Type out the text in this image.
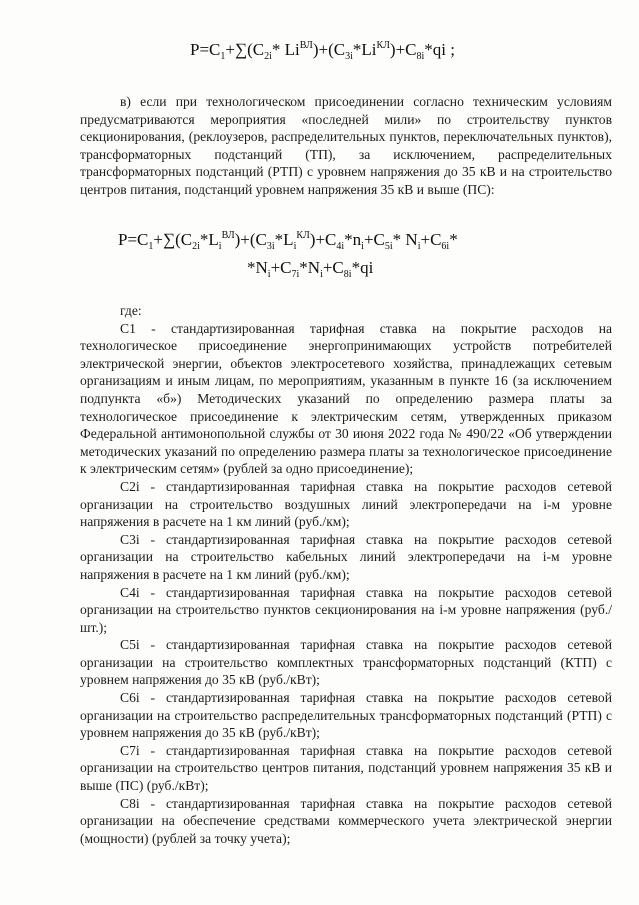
$P=C_1+\sum(C_{2i}*$ $Li^{ВЛ})+(C_{3i}*Li^{КЛ})+C_{8i}*qi$ ;

в) если при технологическом присоединении согласно техническим условиям предусматриваются мероприятия «последней мили» по строительству пунктов секционирования, (реклоузеров, распределительных пунктов, переключательных пунктов), трансформаторных подстанций (ТП), за исключением, распределительных трансформаторных подстанций (РТП) с уровнем напряжения до 35 кВ и на строительство центров питания, подстанций уровнем напряжения 35 кВ и выше (ПС):

$P=C_1+\sum(C_{2i}*L_i^{ВЛ})+(C_{3i}*L_i^{КЛ})+C_{4i}*n_i+C_{5i}*$ $N_i+C_{6i}*$
$*N_i+C_{7i}*N_i+C_{8i}*qi$

где:

С1 - стандартизированная тарифная ставка на покрытие расходов на технологическое присоединение энергопринимающих устройств потребителей электрической энергии, объектов электросетевого хозяйства, принадлежащих сетевым организациям и иным лицам, по мероприятиям, указанным в пункте 16 (за исключением подпункта «б») Методических указаний по определению размера платы за технологическое присоединение к электрическим сетям, утвержденных приказом Федеральной антимонопольной службы от 30 июня 2022 года № 490/22 «Об утверждении методических указаний по определению размера платы за технологическое присоединение к электрическим сетям» (рублей за одно присоединение);

C2i - стандартизированная тарифная ставка на покрытие расходов сетевой организации на строительство воздушных линий электропередачи на i-м уровне напряжения в расчете на 1 км линий (руб./км);

C3i - стандартизированная тарифная ставка на покрытие расходов сетевой организации на строительство кабельных линий электропередачи на i-м уровне напряжения в расчете на 1 км линий (руб./км);

C4i - стандартизированная тарифная ставка на покрытие расходов сетевой организации на строительство пунктов секционирования на i-м уровне напряжения (руб./шт.);

C5i - стандартизированная тарифная ставка на покрытие расходов сетевой организации на строительство комплектных трансформаторных подстанций (КТП) с уровнем напряжения до 35 кВ (руб./кВт);

C6i - стандартизированная тарифная ставка на покрытие расходов сетевой организации на строительство распределительных трансформаторных подстанций (РТП) с уровнем напряжения до 35 кВ (руб./кВт);

C7i - стандартизированная тарифная ставка на покрытие расходов сетевой организации на строительство центров питания, подстанций уровнем напряжения 35 кВ и выше (ПС) (руб./кВт);

C8i - стандартизированная тарифная ставка на покрытие расходов сетевой организации на обеспечение средствами коммерческого учета электрической энергии (мощности) (рублей за точку учета);
